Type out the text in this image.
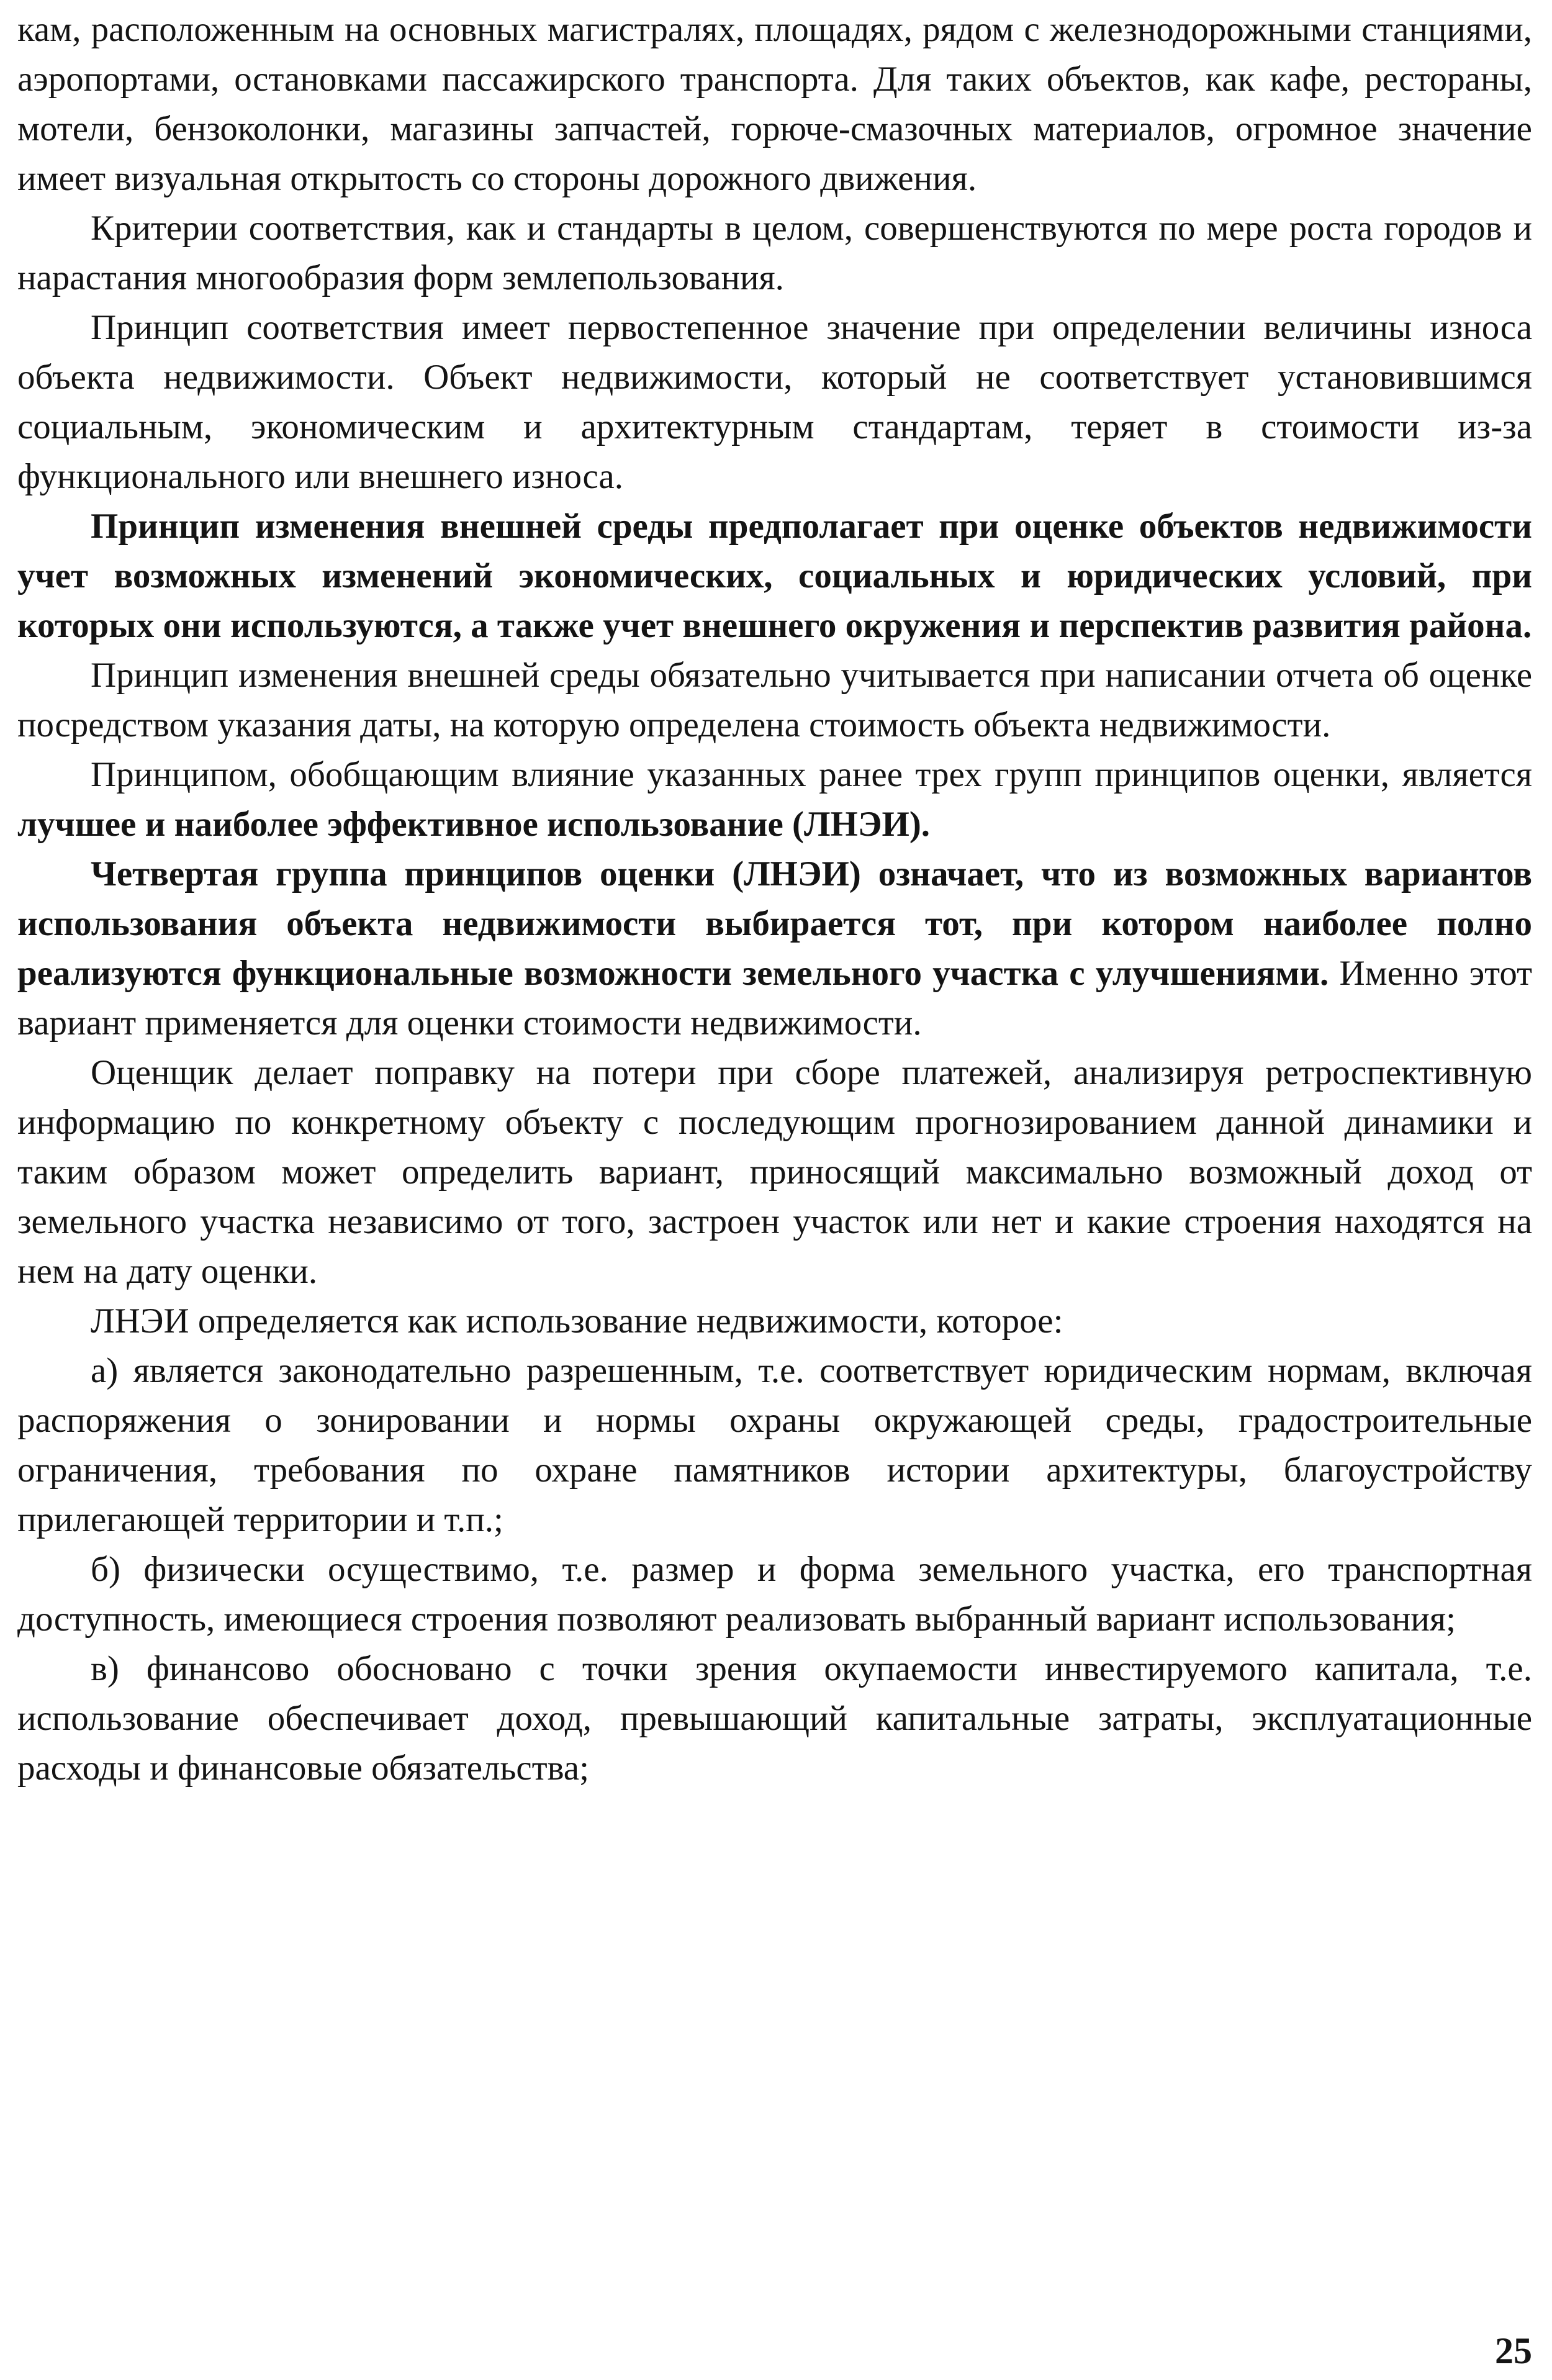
кам, расположенным на основных магистралях, площадях, рядом с железнодорожными станциями, аэропортами, остановками пассажирского транспорта. Для таких объектов, как кафе, рестораны, мотели, бензоколонки, магазины запчастей, горюче-смазочных материалов, огромное значение имеет визуальная открытость со стороны дорожного движения.

Критерии соответствия, как и стандарты в целом, совершенствуются по мере роста городов и нарастания многообразия форм землепользования.

Принцип соответствия имеет первостепенное значение при определении величины износа объекта недвижимости. Объект недвижимости, который не соответствует установившимся социальным, экономическим и архитектурным стандартам, теряет в стоимости из-за функционального или внешнего износа.

Принцип изменения внешней среды предполагает при оценке объектов недвижимости учет возможных изменений экономических, социальных и юридических условий, при которых они используются, а также учет внешнего окружения и перспектив развития района.

Принцип изменения внешней среды обязательно учитывается при написании отчета об оценке посредством указания даты, на которую определена стоимость объекта недвижимости.

Принципом, обобщающим влияние указанных ранее трех групп принципов оценки, является лучшее и наиболее эффективное использование (ЛНЭИ).

Четвертая группа принципов оценки (ЛНЭИ) означает, что из возможных вариантов использования объекта недвижимости выбирается тот, при котором наиболее полно реализуются функциональные возможности земельного участка с улучшениями. Именно этот вариант применяется для оценки стоимости недвижимости.

Оценщик делает поправку на потери при сборе платежей, анализируя ретроспективную информацию по конкретному объекту с последующим прогнозированием данной динамики и таким образом может определить вариант, приносящий максимально возможный доход от земельного участка независимо от того, застроен участок или нет и какие строения находятся на нем на дату оценки.

ЛНЭИ определяется как использование недвижимости, которое:

а) является законодательно разрешенным, т.е. соответствует юридическим нормам, включая распоряжения о зонировании и нормы охраны окружающей среды, градостроительные ограничения, требования по охране памятников истории архитектуры, благоустройству прилегающей территории и т.п.;

б) физически осуществимо, т.е. размер и форма земельного участка, его транспортная доступность, имеющиеся строения позволяют реализовать выбранный вариант использования;

в) финансово обосновано с точки зрения окупаемости инвестируемого капитала, т.е. использование обеспечивает доход, превышающий капитальные затраты, эксплуатационные расходы и финансовые обязательства;

25
